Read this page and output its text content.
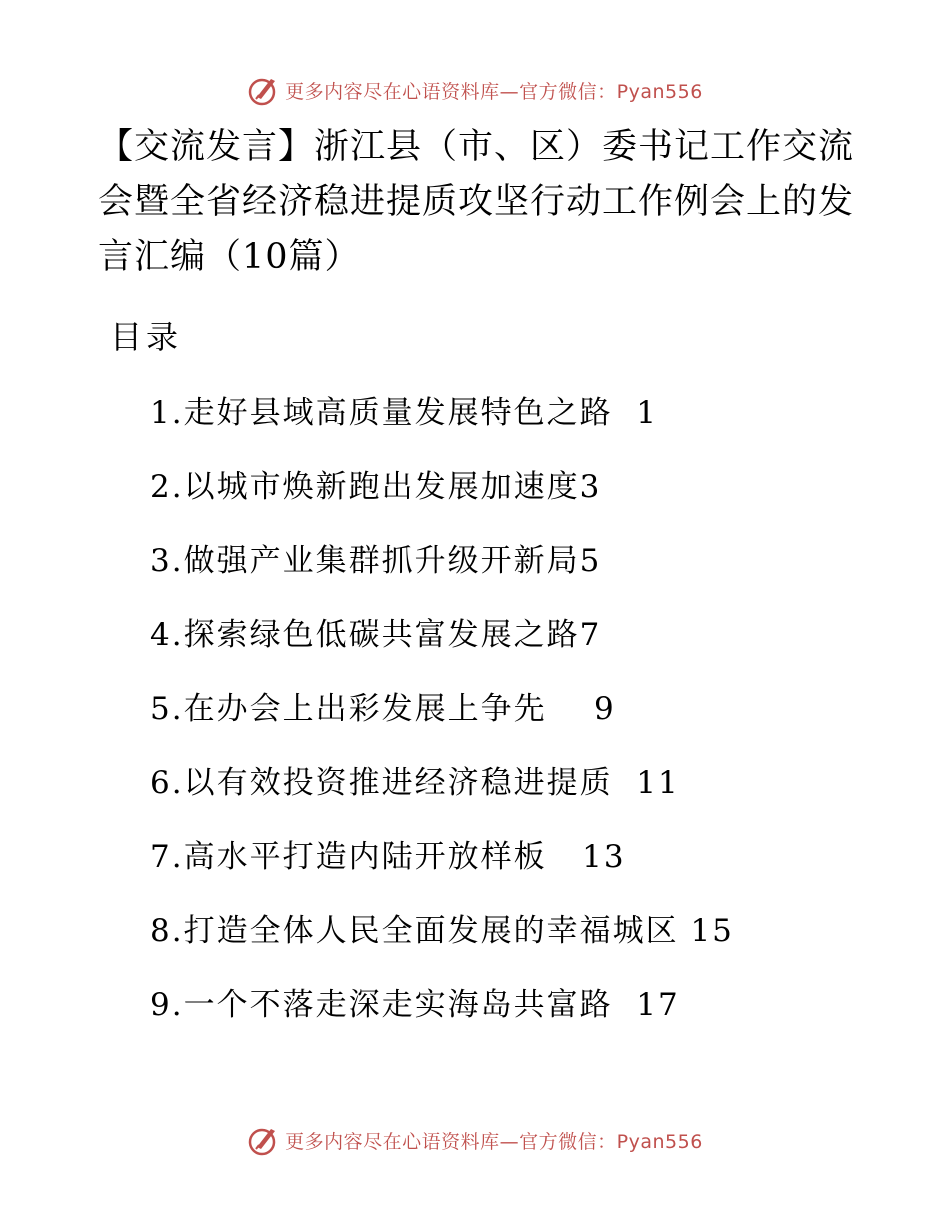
更多内容尽在心语资料库—官方微信：Pyan556
【交流发言】浙江县（市、区）委书记工作交流会暨全省经济稳进提质攻坚行动工作例会上的发言汇编（10篇）
目录
1.走好县域高质量发展特色之路 1
2.以城市焕新跑出发展加速度3
3.做强产业集群抓升级开新局5
4.探索绿色低碳共富发展之路7
5.在办会上出彩发展上争先 9
6.以有效投资推进经济稳进提质 11
7.高水平打造内陆开放样板 13
8.打造全体人民全面发展的幸福城区 15
9.一个不落走深走实海岛共富路 17
更多内容尽在心语资料库—官方微信：Pyan556
